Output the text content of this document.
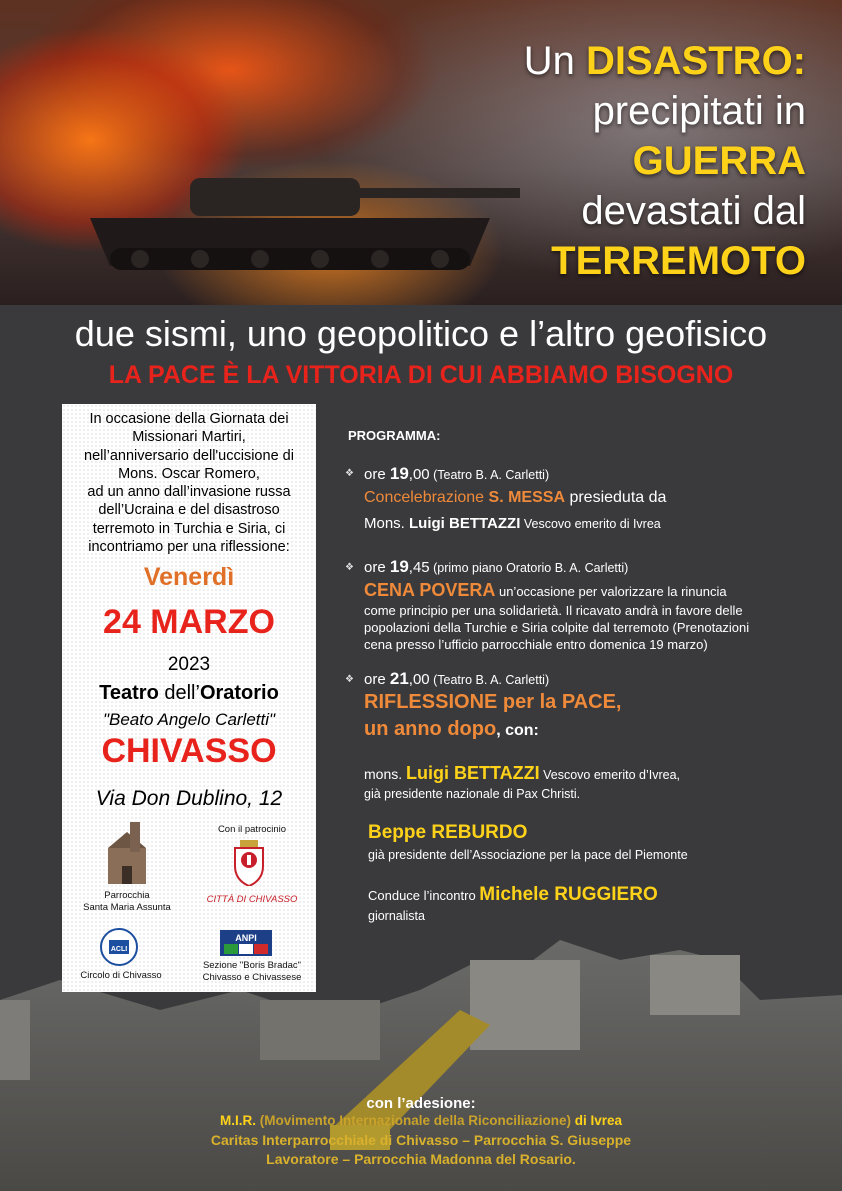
Un DISASTRO:
precipitati in
GUERRA
devastati dal
TERREMOTO
due sismi, uno geopolitico e l’altro geofisico
LA PACE È LA VITTORIA DI CUI ABBIAMO BISOGNO
In occasione della Giornata dei
Missionari Martiri,
nell’anniversario dell'uccisione di
Mons. Oscar Romero,
ad un anno dall’invasione russa
dell’Ucraina e del disastroso
terremoto in Turchia e Siria, ci
incontriamo per una riflessione:
Venerdì
24 MARZO
2023
Teatro dell’Oratorio
"Beato Angelo Carletti"
CHIVASSO
Via Don Dublino, 12
Parrocchia
Santa Maria Assunta
Con il patrocinio
CITTÀ DI CHIVASSO
ACLI
Circolo di Chivasso
ANPI
Sezione "Boris Bradac"
Chivasso e Chivassese
PROGRAMMA:
❖ ore 19,00 (Teatro B. A. Carletti)
Concelebrazione S. MESSA presieduta da
Mons. Luigi BETTAZZI Vescovo emerito di Ivrea
❖ ore 19,45 (primo piano Oratorio B. A. Carletti)
CENA POVERA un’occasione per valorizzare la rinuncia
come principio per una solidarietà. Il ricavato andrà in favore delle
popolazioni della Turchie e Siria colpite dal terremoto (Prenotazioni
cena presso l’ufficio parrocchiale entro domenica 19 marzo)
❖ ore 21,00 (Teatro B. A. Carletti)
RIFLESSIONE per la PACE,
un anno dopo, con:
mons. Luigi BETTAZZI Vescovo emerito d’Ivrea,
già presidente nazionale di Pax Christi.
Beppe REBURDO
già presidente dell’Associazione per la pace del Piemonte
Conduce l’incontro Michele RUGGIERO
giornalista
con l’adesione:
M.I.R. (Movimento Internazionale della Riconciliazione) di Ivrea
Caritas Interparrocchiale di Chivasso – Parrocchia S. Giuseppe
Lavoratore – Parrocchia Madonna del Rosario.
